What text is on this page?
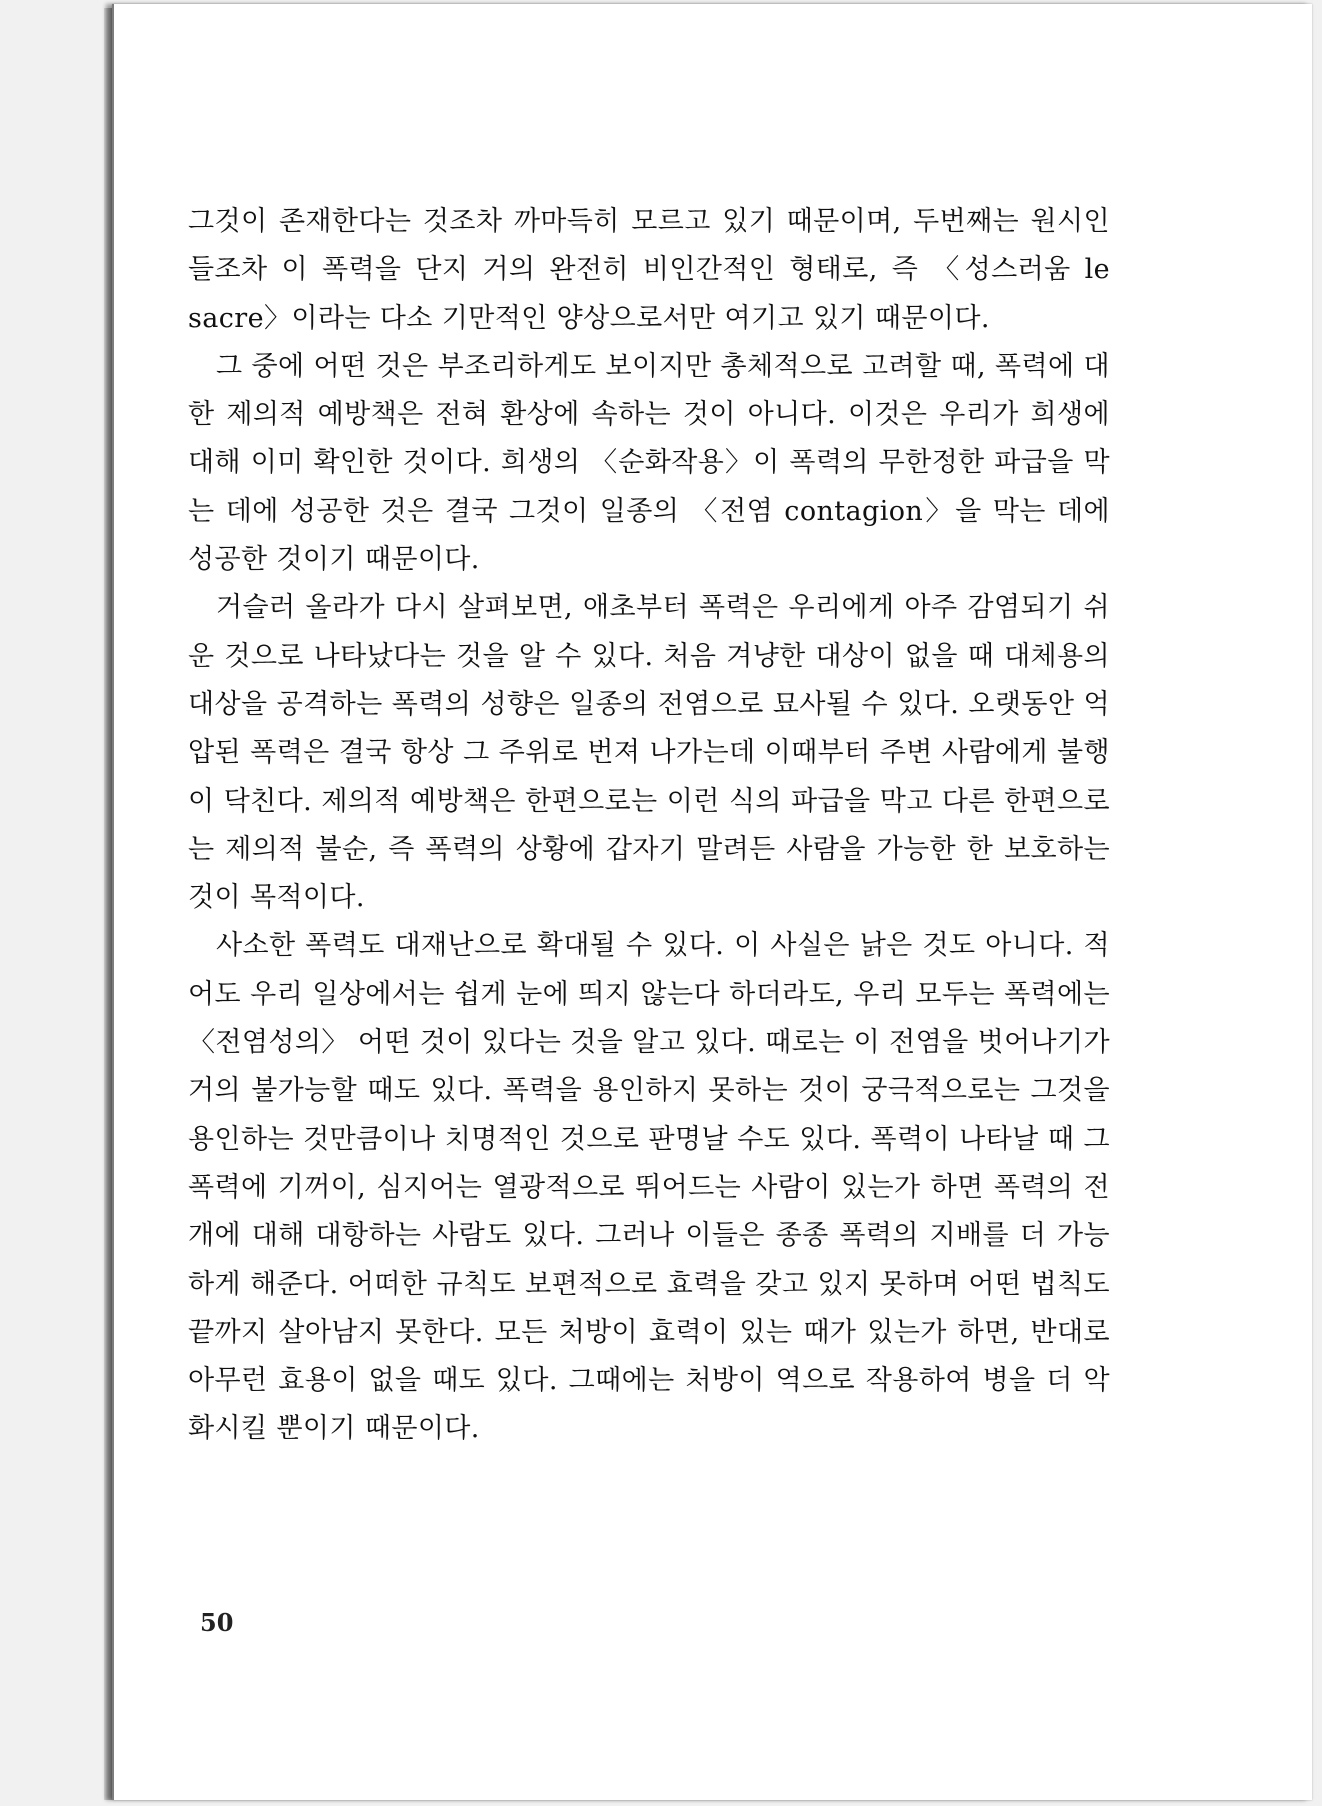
그것이 존재한다는 것조차 까마득히 모르고 있기 때문이며, 두번째는 원시인들조차 이 폭력을 단지 거의 완전히 비인간적인 형태로, 즉 〈성스러움 le sacre〉이라는 다소 기만적인 양상으로서만 여기고 있기 때문이다.

그 중에 어떤 것은 부조리하게도 보이지만 총체적으로 고려할 때, 폭력에 대한 제의적 예방책은 전혀 환상에 속하는 것이 아니다. 이것은 우리가 희생에 대해 이미 확인한 것이다. 희생의 〈순화작용〉이 폭력의 무한정한 파급을 막는 데에 성공한 것은 결국 그것이 일종의 〈전염 contagion〉을 막는 데에 성공한 것이기 때문이다.

거슬러 올라가 다시 살펴보면, 애초부터 폭력은 우리에게 아주 감염되기 쉬운 것으로 나타났다는 것을 알 수 있다. 처음 겨냥한 대상이 없을 때 대체용의 대상을 공격하는 폭력의 성향은 일종의 전염으로 묘사될 수 있다. 오랫동안 억압된 폭력은 결국 항상 그 주위로 번져 나가는데 이때부터 주변 사람에게 불행이 닥친다. 제의적 예방책은 한편으로는 이런 식의 파급을 막고 다른 한편으로는 제의적 불순, 즉 폭력의 상황에 갑자기 말려든 사람을 가능한 한 보호하는 것이 목적이다.

사소한 폭력도 대재난으로 확대될 수 있다. 이 사실은 낡은 것도 아니다. 적어도 우리 일상에서는 쉽게 눈에 띄지 않는다 하더라도, 우리 모두는 폭력에는 〈전염성의〉 어떤 것이 있다는 것을 알고 있다. 때로는 이 전염을 벗어나기가 거의 불가능할 때도 있다. 폭력을 용인하지 못하는 것이 궁극적으로는 그것을 용인하는 것만큼이나 치명적인 것으로 판명날 수도 있다. 폭력이 나타날 때 그 폭력에 기꺼이, 심지어는 열광적으로 뛰어드는 사람이 있는가 하면 폭력의 전개에 대해 대항하는 사람도 있다. 그러나 이들은 종종 폭력의 지배를 더 가능하게 해준다. 어떠한 규칙도 보편적으로 효력을 갖고 있지 못하며 어떤 법칙도 끝까지 살아남지 못한다. 모든 처방이 효력이 있는 때가 있는가 하면, 반대로 아무런 효용이 없을 때도 있다. 그때에는 처방이 역으로 작용하여 병을 더 악화시킬 뿐이기 때문이다.

50
